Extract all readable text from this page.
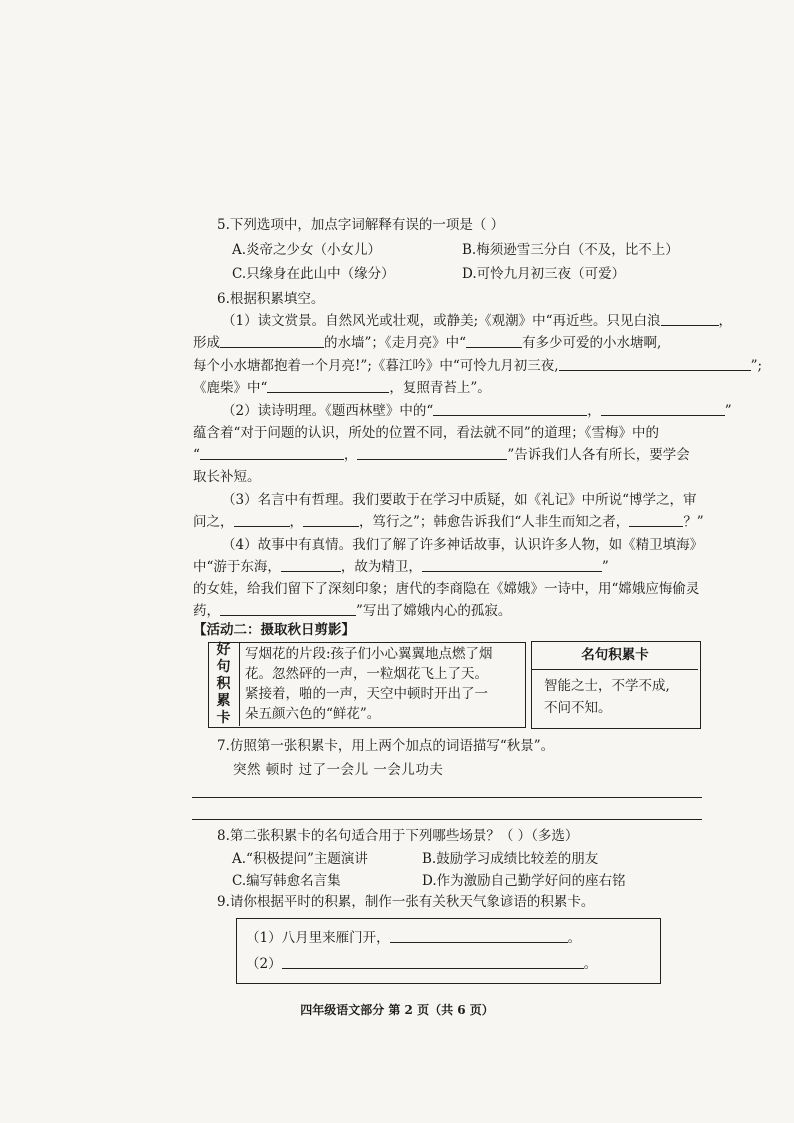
5.下列选项中，加点字词解释有误的一项是（ ）
A.炎帝之少女（小女儿）	B.梅须逊雪三分白（不及，比不上）
C.只缘身在此山中（缘分）	D.可怜九月初三夜（可爱）
6.根据积累填空。
（1）读文赏景。自然风光或壮观，或静美;《观潮》中“再近些。只见白浪	，
形成	的水墙”；《走月亮》中“	有多少可爱的小水塘啊,
每个小水塘都抱着一个月亮!”;《暮江吟》中“可怜九月初三夜,	”;
《鹿柴》中“	，复照青苔上”。
（2）读诗明理。《题西林壁》中的“	，	”
蕴含着“对于问题的认识，所处的位置不同，看法就不同”的道理；《雪梅》中的
“	，	”告诉我们人各有所长，要学会
取长补短。
（3）名言中有哲理。我们要敢于在学习中质疑，如《礼记》中所说“博学之，审
问之，	，	，笃行之”；韩愈告诉我们“人非生而知之者，	？”
（4）故事中有真情。我们了解了许多神话故事，认识许多人物，如《精卫填海》
中“游于东海，	，故为精卫，	”
的女娃，给我们留下了深刻印象；唐代的李商隐在《嫦娥》一诗中，用“嫦娥应悔偷灵
药，	”写出了嫦娥内心的孤寂。
【活动二：摄取秋日剪影】
好
句
积
累
卡
写烟花的片段:孩子们小心翼翼地点燃了烟
花。忽然砰的一声，一粒烟花飞上了天。
紧接着，啪的一声，天空中顿时开出了一
朵五颜六色的“鲜花”。
名句积累卡
智能之士，不学不成,
不问不知。
7.仿照第一张积累卡，用上两个加点的词语描写“秋景”。
突然 顿时 过了一会儿 一会儿功夫
8.第二张积累卡的名句适合用于下列哪些场景？（ ）（多选）
A.“积极提问”主题演讲	B.鼓励学习成绩比较差的朋友
C.编写韩愈名言集	D.作为激励自己勤学好问的座右铭
9.请你根据平时的积累，制作一张有关秋天气象谚语的积累卡。
（1）八月里来雁门开，	。
（2）	。
四年级语文部分 第 2 页（共 6 页）
